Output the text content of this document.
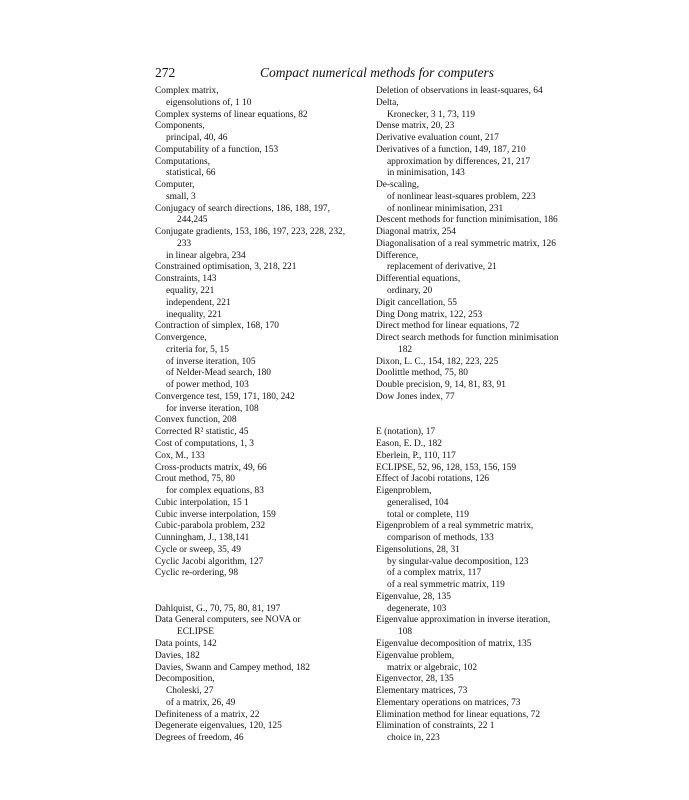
272	Compact numerical methods for computers
Complex matrix,
eigensolutions of, 1 10
Complex systems of linear equations, 82
Components,
principal, 40, 46
Computability of a function, 153
Computations,
statistical, 66
Computer,
small, 3
Conjugacy of search directions, 186, 188, 197,
244,245
Conjugate gradients, 153, 186, 197, 223, 228, 232,
233
in linear algebra, 234
Constrained optimisation, 3, 218, 221
Constraints, 143
equality, 221
independent, 221
inequality, 221
Contraction of simplex, 168, 170
Convergence,
criteria for, 5, 15
of inverse iteration, 105
of Nelder-Mead search, 180
of power method, 103
Convergence test, 159, 171, 180, 242
for inverse iteration, 108
Convex function, 208
Corrected R² statistic, 45
Cost of computations, 1, 3
Cox, M., 133
Cross-products matrix, 49, 66
Crout method, 75, 80
for complex equations, 83
Cubic interpolation, 15 1
Cubic inverse interpolation, 159
Cubic-parabola problem, 232
Cunningham, J., 138,141
Cycle or sweep, 35, 49
Cyclic Jacobi algorithm, 127
Cyclic re-ordering, 98
Dahlquist, G., 70, 75, 80, 81, 197
Data General computers, see NOVA or
ECLIPSE
Data points, 142
Davies, 182
Davies, Swann and Campey method, 182
Decomposition,
Choleski, 27
of a matrix, 26, 49
Definiteness of a matrix, 22
Degenerate eigenvalues, 120, 125
Degrees of freedom, 46
Deletion of observations in least-squares, 64
Delta,
Kronecker, 3 1, 73, 119
Dense matrix, 20, 23
Derivative evaluation count, 217
Derivatives of a function, 149, 187, 210
approximation by differences, 21, 217
in minimisation, 143
De-scaling,
of nonlinear least-squares problem, 223
of nonlinear minimisation, 231
Descent methods for function minimisation, 186
Diagonal matrix, 254
Diagonalisation of a real symmetric matrix, 126
Difference,
replacement of derivative, 21
Differential equations,
ordinary, 20
Digit cancellation, 55
Ding Dong matrix, 122, 253
Direct method for linear equations, 72
Direct search methods for function minimisation
182
Dixon, L. C., 154, 182, 223, 225
Doolittle method, 75, 80
Double precision, 9, 14, 81, 83, 91
Dow Jones index, 77
E (notation), 17
Eason, E. D., 182
Eberlein, P., 110, 117
ECLIPSE, 52, 96, 128, 153, 156, 159
Effect of Jacobi rotations, 126
Eigenproblem,
generalised, 104
total or complete, 119
Eigenproblem of a real symmetric matrix,
comparison of methods, 133
Eigensolutions, 28, 31
by singular-value decomposition, 123
of a complex matrix, 117
of a real symmetric matrix, 119
Eigenvalue, 28, 135
degenerate, 103
Eigenvalue approximation in inverse iteration,
108
Eigenvalue decomposition of matrix, 135
Eigenvalue problem,
matrix or algebraic, 102
Eigenvector, 28, 135
Elementary matrices, 73
Elementary operations on matrices, 73
Elimination method for linear equations, 72
Elimination of constraints, 22 1
choice in, 223
